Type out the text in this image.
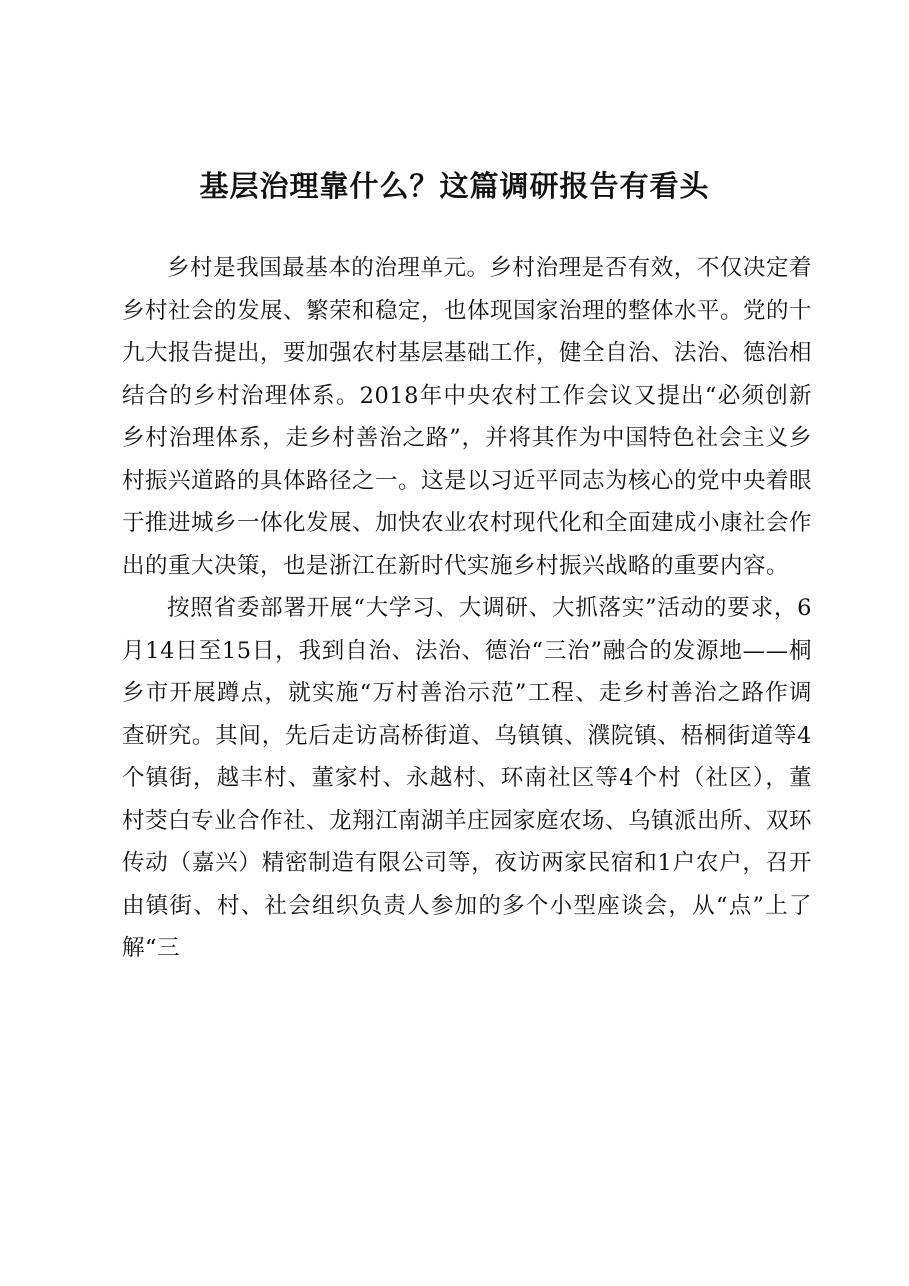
基层治理靠什么？这篇调研报告有看头

乡村是我国最基本的治理单元。乡村治理是否有效，不仅决定着乡村社会的发展、繁荣和稳定，也体现国家治理的整体水平。党的十九大报告提出，要加强农村基层基础工作，健全自治、法治、德治相结合的乡村治理体系。2018年中央农村工作会议又提出“必须创新乡村治理体系，走乡村善治之路”，并将其作为中国特色社会主义乡村振兴道路的具体路径之一。这是以习近平同志为核心的党中央着眼于推进城乡一体化发展、加快农业农村现代化和全面建成小康社会作出的重大决策，也是浙江在新时代实施乡村振兴战略的重要内容。

按照省委部署开展“大学习、大调研、大抓落实”活动的要求，6月14日至15日，我到自治、法治、德治“三治”融合的发源地——桐乡市开展蹲点，就实施“万村善治示范”工程、走乡村善治之路作调查研究。其间，先后走访高桥街道、乌镇镇、濮院镇、梧桐街道等4个镇街，越丰村、董家村、永越村、环南社区等4个村（社区），董村茭白专业合作社、龙翔江南湖羊庄园家庭农场、乌镇派出所、双环传动（嘉兴）精密制造有限公司等，夜访两家民宿和1户农户，召开由镇街、村、社会组织负责人参加的多个小型座谈会，从“点”上了解“三
